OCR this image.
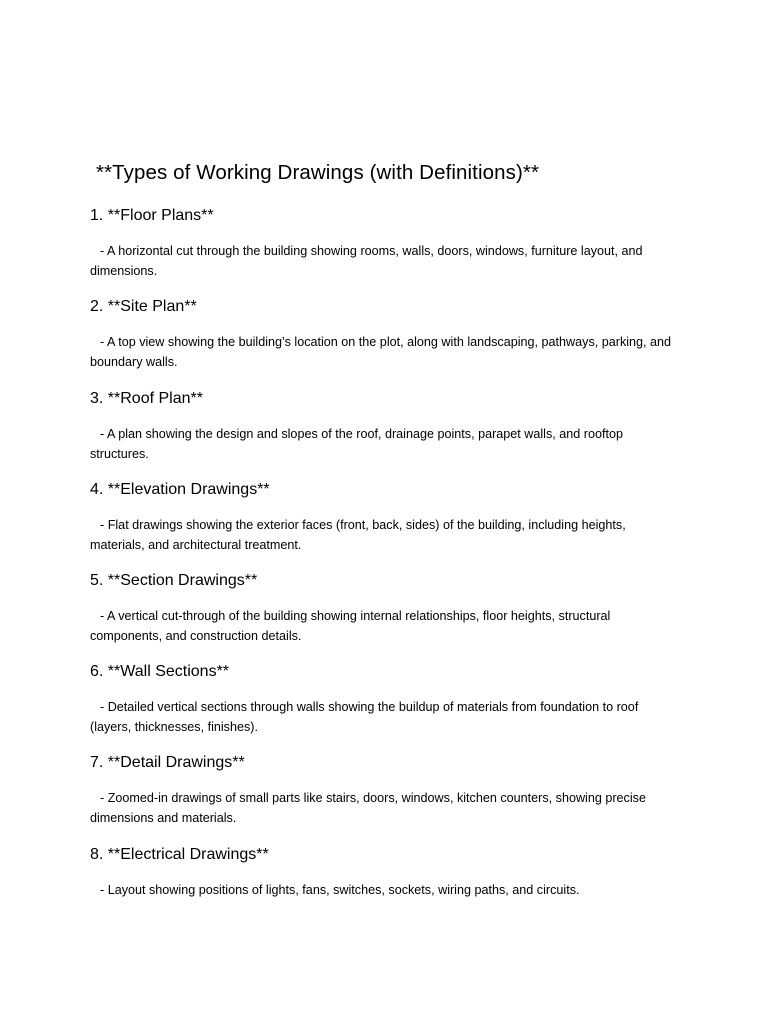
**Types of Working Drawings (with Definitions)**
1. **Floor Plans**
- A horizontal cut through the building showing rooms, walls, doors, windows, furniture layout, and dimensions.
2. **Site Plan**
- A top view showing the building’s location on the plot, along with landscaping, pathways, parking, and boundary walls.
3. **Roof Plan**
- A plan showing the design and slopes of the roof, drainage points, parapet walls, and rooftop structures.
4. **Elevation Drawings**
- Flat drawings showing the exterior faces (front, back, sides) of the building, including heights, materials, and architectural treatment.
5. **Section Drawings**
- A vertical cut-through of the building showing internal relationships, floor heights, structural components, and construction details.
6. **Wall Sections**
- Detailed vertical sections through walls showing the buildup of materials from foundation to roof (layers, thicknesses, finishes).
7. **Detail Drawings**
- Zoomed-in drawings of small parts like stairs, doors, windows, kitchen counters, showing precise dimensions and materials.
8. **Electrical Drawings**
- Layout showing positions of lights, fans, switches, sockets, wiring paths, and circuits.
